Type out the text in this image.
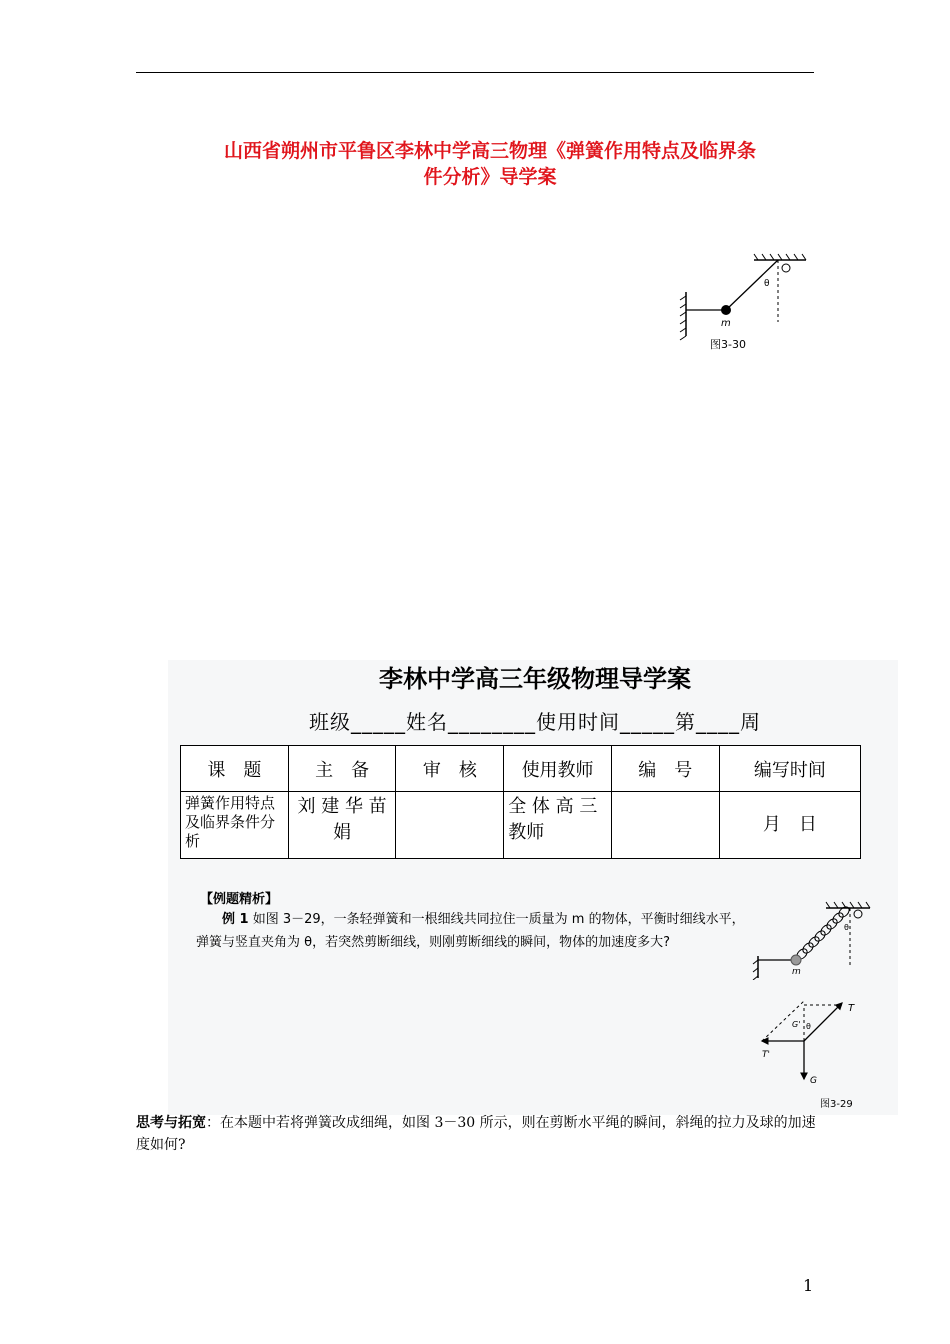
山西省朔州市平鲁区李林中学高三物理《弹簧作用特点及临界条
件分析》导学案
θ
m
图3-30

李林中学高三年级物理导学案
班级_____姓名________使用时间_____第____周
课　题	主　备	审　核	使用教师	编　号	编写时间
弹簧作用特点及临界条件分析	刘 建 华 苗娟		全 体 高 三教师		月　日
【例题精析】
例 1 如图 3－29，一条轻弹簧和一根细线共同拉住一质量为 m 的物体，平衡时细线水平，弹簧与竖直夹角为 θ，若突然剪断细线，则刚剪断细线的瞬间，物体的加速度多大?
θ
m
T
T'
G
G' θ
图3-29
思考与拓宽：在本题中若将弹簧改成细绳，如图 3－30 所示，则在剪断水平绳的瞬间，斜绳的拉力及球的加速度如何?
1
